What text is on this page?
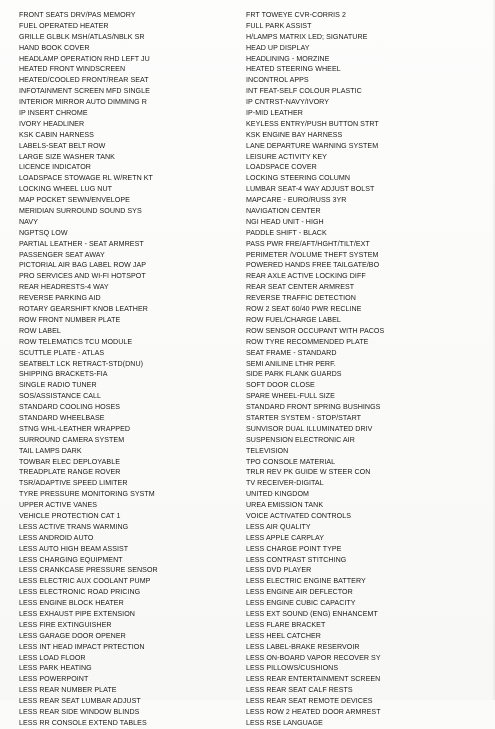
FRONT SEATS DRV/PAS MEMORY
FUEL OPERATED HEATER
GRILLE GLBLK MSH/ATLAS/NBLK SR
HAND BOOK COVER
HEADLAMP OPERATION RHD LEFT JU
HEATED FRONT WINDSCREEN
HEATED/COOLED FRONT/REAR SEAT
INFOTAINMENT SCREEN MFD SINGLE
INTERIOR MIRROR AUTO DIMMING R
IP INSERT CHROME
IVORY HEADLINER
KSK CABIN HARNESS
LABELS-SEAT BELT ROW
LARGE SIZE WASHER TANK
LICENCE INDICATOR
LOADSPACE STOWAGE RL W/RETN KT
LOCKING WHEEL LUG NUT
MAP POCKET SEWN/ENVELOPE
MERIDIAN SURROUND SOUND SYS
NAVY
NGPTSQ LOW
PARTIAL LEATHER - SEAT ARMREST
PASSENGER SEAT AWAY
PICTORIAL AIR BAG LABEL ROW JAP
PRO SERVICES AND WI-FI HOTSPOT
REAR HEADRESTS-4 WAY
REVERSE PARKING AID
ROTARY GEARSHIFT KNOB LEATHER
ROW FRONT NUMBER PLATE
ROW LABEL
ROW TELEMATICS TCU MODULE
SCUTTLE PLATE - ATLAS
SEATBELT LCK RETRACT-STD(DNU)
SHIPPING BRACKETS-FIA
SINGLE RADIO TUNER
SOS/ASSISTANCE CALL
STANDARD COOLING HOSES
STANDARD WHEELBASE
STNG WHL-LEATHER WRAPPED
SURROUND CAMERA SYSTEM
TAIL LAMPS DARK
TOWBAR ELEC DEPLOYABLE
TREADPLATE RANGE ROVER
TSR/ADAPTIVE SPEED LIMITER
TYRE PRESSURE MONITORING SYSTM
UPPER ACTIVE VANES
VEHICLE PROTECTION CAT 1
LESS ACTIVE TRANS WARMING
LESS ANDROID AUTO
LESS AUTO HIGH BEAM ASSIST
LESS CHARGING EQUIPMENT
LESS CRANKCASE PRESSURE SENSOR
LESS ELECTRIC AUX COOLANT PUMP
LESS ELECTRONIC ROAD PRICING
LESS ENGINE BLOCK HEATER
LESS EXHAUST PIPE EXTENSION
LESS FIRE EXTINGUISHER
LESS GARAGE DOOR OPENER
LESS INT HEAD IMPACT PRTECTION
LESS LOAD FLOOR
LESS PARK HEATING
LESS POWERPOINT
LESS REAR NUMBER PLATE
LESS REAR SEAT LUMBAR ADJUST
LESS REAR SIDE WINDOW BLINDS
LESS RR CONSOLE EXTEND TABLES
FRT TOWEYE CVR-CORRIS 2
FULL PARK ASSIST
H/LAMPS MATRIX LED; SIGNATURE
HEAD UP DISPLAY
HEADLINING - MORZINE
HEATED STEERING WHEEL
INCONTROL APPS
INT FEAT-SELF COLOUR PLASTIC
IP CNTRST-NAVY/IVORY
IP-MID LEATHER
KEYLESS ENTRY/PUSH BUTTON STRT
KSK ENGINE BAY HARNESS
LANE DEPARTURE WARNING SYSTEM
LEISURE ACTIVITY KEY
LOADSPACE COVER
LOCKING STEERING COLUMN
LUMBAR SEAT-4 WAY ADJUST BOLST
MAPCARE - EURO/RUSS 3YR
NAVIGATION CENTER
NGI HEAD UNIT - HIGH
PADDLE SHIFT - BLACK
PASS PWR FRE/AFT/HGHT/TILT/EXT
PERIMETER /VOLUME THEFT SYSTEM
POWERED HANDS FREE TAILGATE/BO
REAR AXLE ACTIVE LOCKING DIFF
REAR SEAT CENTER ARMREST
REVERSE TRAFFIC DETECTION
ROW 2 SEAT 60/40 PWR RECLINE
ROW FUEL/CHARGE LABEL
ROW SENSOR OCCUPANT WITH PACOS
ROW TYRE RECOMMENDED PLATE
SEAT FRAME - STANDARD
SEMI ANILINE LTHR PERF.
SIDE PARK FLANK GUARDS
SOFT DOOR CLOSE
SPARE WHEEL-FULL SIZE
STANDARD FRONT SPRING BUSHINGS
STARTER SYSTEM - STOP/START
SUNVISOR DUAL ILLUMINATED DRIV
SUSPENSION ELECTRONIC AIR
TELEVISION
TPO CONSOLE MATERIAL
TRLR REV PK GUIDE W STEER CON
TV RECEIVER-DIGITAL
UNITED KINGDOM
UREA EMISSION TANK
VOICE ACTIVATED CONTROLS
LESS AIR QUALITY
LESS APPLE CARPLAY
LESS CHARGE POINT TYPE
LESS CONTRAST STITCHING
LESS DVD PLAYER
LESS ELECTRIC ENGINE BATTERY
LESS ENGINE AIR DEFLECTOR
LESS ENGINE CUBIC CAPACITY
LESS EXT SOUND (ENG) ENHANCEMT
LESS FLARE BRACKET
LESS HEEL CATCHER
LESS LABEL-BRAKE RESERVOIR
LESS ON-BOARD VAPOR RECOVER SY
LESS PILLOWS/CUSHIONS
LESS REAR ENTERTAINMENT SCREEN
LESS REAR SEAT CALF RESTS
LESS REAR SEAT REMOTE DEVICES
LESS ROW 2 HEATED DOOR ARMREST
LESS RSE LANGUAGE
